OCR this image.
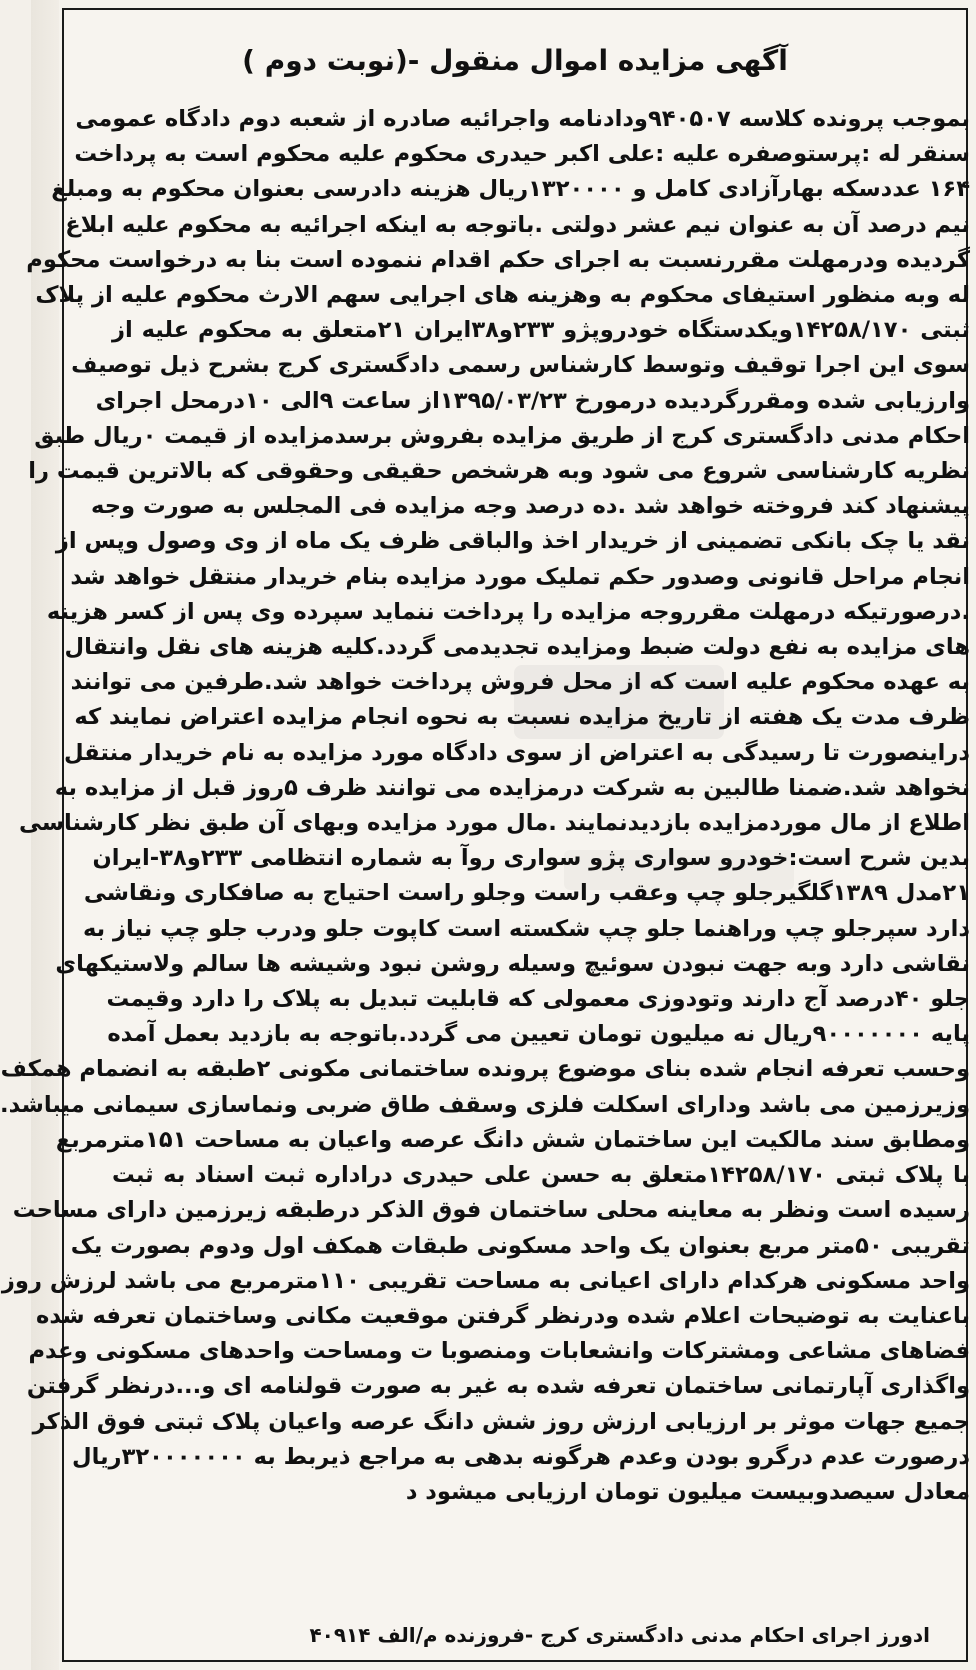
آگهی مزایده اموال منقول -(نوبت دوم )
بموجب پرونده کلاسه ۹۴۰۵۰۷ودادنامه واجرائیه صادره از شعبه دوم دادگاه عمومی
سنقر له :پرستوصفره علیه :علی اکبر حیدری محکوم علیه محکوم است به پرداخت
۱۶۴ عددسکه بهارآزادی کامل و ۱۳۲۰۰۰۰ریال هزینه دادرسی بعنوان محکوم به ومبلغ
نیم درصد آن به عنوان نیم عشر دولتی .باتوجه به اینکه اجرائیه به محکوم علیه ابلاغ
گردیده ودرمهلت مقررنسبت به اجرای حکم اقدام ننموده است بنا به درخواست محکوم
له وبه منظور استیفای محکوم به وهزینه های اجرایی سهم الارث محکوم علیه از پلاک
ثبتی ۱۴۲۵۸/۱۷۰ویکدستگاه خودروپژو ۲۳۳و۳۸ایران ۲۱متعلق به محکوم علیه از
سوی این اجرا توقیف وتوسط کارشناس رسمی دادگستری کرج بشرح ذیل توصیف
وارزیابی شده ومقررگردیده درمورخ ۱۳۹۵/۰۳/۲۳از ساعت ۹الی ۱۰درمحل اجرای
احکام مدنی دادگستری کرج از طریق مزایده بفروش برسدمزایده از قیمت ٠ریال طبق
نظریه کارشناسی شروع می شود وبه هرشخص حقیقی وحقوقی که بالاترین قیمت را
پیشنهاد کند فروخته خواهد شد .ده درصد وجه مزایده فی المجلس به صورت وجه
نقد یا چک بانکی تضمینی از خریدار اخذ والباقی ظرف یک ماه از وی وصول وپس از
انجام مراحل قانونی وصدور حکم تملیک مورد مزایده بنام خریدار منتقل خواهد شد
.درصورتیکه درمهلت مقرروجه مزایده را پرداخت ننماید سپرده وی پس از کسر هزینه
های مزایده به نفع دولت ضبط ومزایده تجدیدمی گردد.کلیه هزینه های نقل وانتقال
به عهده محکوم علیه است که از محل فروش پرداخت خواهد شد.طرفین می توانند
ظرف مدت یک هفته از تاریخ مزایده نسبت به نحوه انجام مزایده اعتراض نمایند که
دراینصورت تا رسیدگی به اعتراض از سوی دادگاه مورد مزایده به نام خریدار منتقل
نخواهد شد.ضمنا طالبین به شرکت درمزایده می توانند ظرف ۵روز قبل از مزایده به
اطلاع از مال موردمزایده بازدیدنمایند .مال مورد مزایده وبهای آن طبق نظر کارشناسی
بدین شرح است:خودرو سواری پژو سواری روآ به شماره انتظامی ۲۳۳و۳۸-ایران
۲۱مدل ۱۳۸۹گلگیرجلو چپ وعقب راست وجلو راست احتیاج به صافکاری ونقاشی
دارد سپرجلو چپ وراهنما جلو چپ شکسته است کاپوت جلو ودرب جلو چپ نیاز به
نقاشی دارد وبه جهت نبودن سوئیچ وسیله روشن نبود وشیشه ها سالم ولاستیکهای
جلو ۴۰درصد آج دارند وتودوزی معمولی که قابلیت تبدیل به پلاک را دارد وقیمت
پایه ۹۰۰۰۰۰۰۰ریال نه میلیون تومان تعیین می گردد.باتوجه به بازدید بعمل آمده
وحسب تعرفه انجام شده بنای موضوع پرونده ساختمانی مکونی ۲طبقه به انضمام همکف
وزیرزمین می باشد ودارای اسکلت فلزی وسقف طاق ضربی ونماسازی سیمانی میباشد.
ومطابق سند مالکیت این ساختمان شش دانگ عرصه واعیان به مساحت ۱۵۱مترمربع
با پلاک ثبتی ۱۴۲۵۸/۱۷۰متعلق به حسن علی حیدری دراداره ثبت اسناد به ثبت
رسیده است ونظر به معاینه محلی ساختمان فوق الذکر درطبقه زیرزمین دارای مساحت
تقریبی ۵۰متر مربع بعنوان یک واحد مسکونی طبقات همکف اول ودوم بصورت یک
واحد مسکونی هرکدام دارای اعیانی به مساحت تقریبی ۱۱۰مترمربع می باشد لرزش روز
باعنایت به توضیحات اعلام شده ودرنظر گرفتن موقعیت مکانی وساختمان تعرفه شده
فضاهای مشاعی ومشترکات وانشعابات ومنصوبا ت ومساحت واحدهای مسکونی وعدم
واگذاری آپارتمانی ساختمان تعرفه شده به غیر به صورت قولنامه ای و...درنظر گرفتن
جمیع جهات موثر بر ارزیابی ارزش روز شش دانگ عرصه واعیان پلاک ثبتی فوق الذکر
درصورت عدم درگرو بودن وعدم هرگونه بدهی به مراجع ذیربط به ۳۲۰۰۰۰۰۰۰ریال
معادل سیصدوبیست میلیون تومان ارزیابی میشود د
ادورز اجرای احکام مدنی دادگستری کرج -فروزنده م/الف ۴۰۹۱۴
